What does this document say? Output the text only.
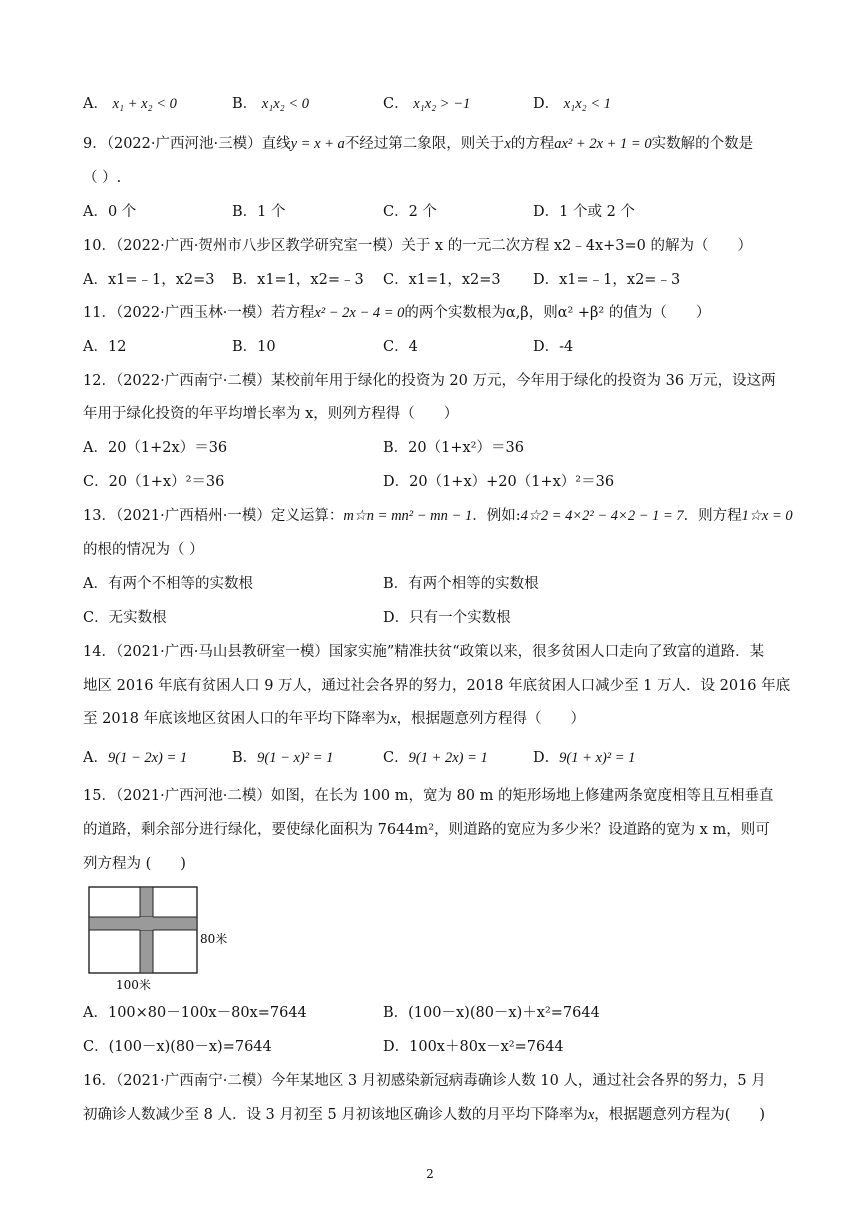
A． x₁ + x₂ < 0	B． x₁x₂ < 0	C． x₁x₂ > −1	D． x₁x₂ < 1
9．（2022·广西河池·三模）直线y = x + a不经过第二象限，则关于x的方程ax² + 2x + 1 = 0实数解的个数是
（ ）.
A．0 个	B．1 个	C．2 个	D．1 个或 2 个
10．（2022·广西·贺州市八步区教学研究室一模）关于 x 的一元二次方程 x2﹣4x+3=0 的解为（　　）
A．x1=﹣1，x2=3 B．x1=1，x2=﹣3 C．x1=1，x2=3 D．x1=﹣1，x2=﹣3
11．（2022·广西玉林·一模）若方程x² − 2x − 4 = 0的两个实数根为α,β，则α² +β² 的值为（　　）
A．12	B．10	C．4	D．-4
12．（2022·广西南宁·二模）某校前年用于绿化的投资为 20 万元，今年用于绿化的投资为 36 万元，设这两
年用于绿化投资的年平均增长率为 x，则列方程得（　　）
A．20（1+2x）＝36	B．20（1+x²）＝36
C．20（1+x）²＝36	D．20（1+x）+20（1+x）²＝36
13．（2021·广西梧州·一模）定义运算：m☆n = mn² − mn − 1．例如:4☆2 = 4×2² − 4×2 − 1 = 7．则方程1☆x = 0
的根的情况为（ ）
A．有两个不相等的实数根	B．有两个相等的实数根
C．无实数根	D．只有一个实数根
14．（2021·广西·马山县教研室一模）国家实施”精准扶贫“政策以来，很多贫困人口走向了致富的道路．某
地区 2016 年底有贫困人口 9 万人，通过社会各界的努力，2018 年底贫困人口减少至 1 万人．设 2016 年底
至 2018 年底该地区贫困人口的年平均下降率为x，根据题意列方程得（　　）
A．9(1 − 2x) = 1	B．9(1 − x)² = 1	C．9(1 + 2x) = 1	D．9(1 + x)² = 1
15．（2021·广西河池·二模）如图，在长为 100 m，宽为 80 m 的矩形场地上修建两条宽度相等且互相垂直
的道路，剩余部分进行绿化，要使绿化面积为 7644m²，则道路的宽应为多少米？设道路的宽为 x m，则可
列方程为 (　　)
80米
100米
A．100×80－100x－80x=7644	B．(100－x)(80－x)＋x²=7644
C．(100－x)(80－x)=7644	D．100x＋80x－x²=7644
16．（2021·广西南宁·二模）今年某地区 3 月初感染新冠病毒确诊人数 10 人，通过社会各界的努力，5 月
初确诊人数减少至 8 人．设 3 月初至 5 月初该地区确诊人数的月平均下降率为x，根据题意列方程为(　　)
2
